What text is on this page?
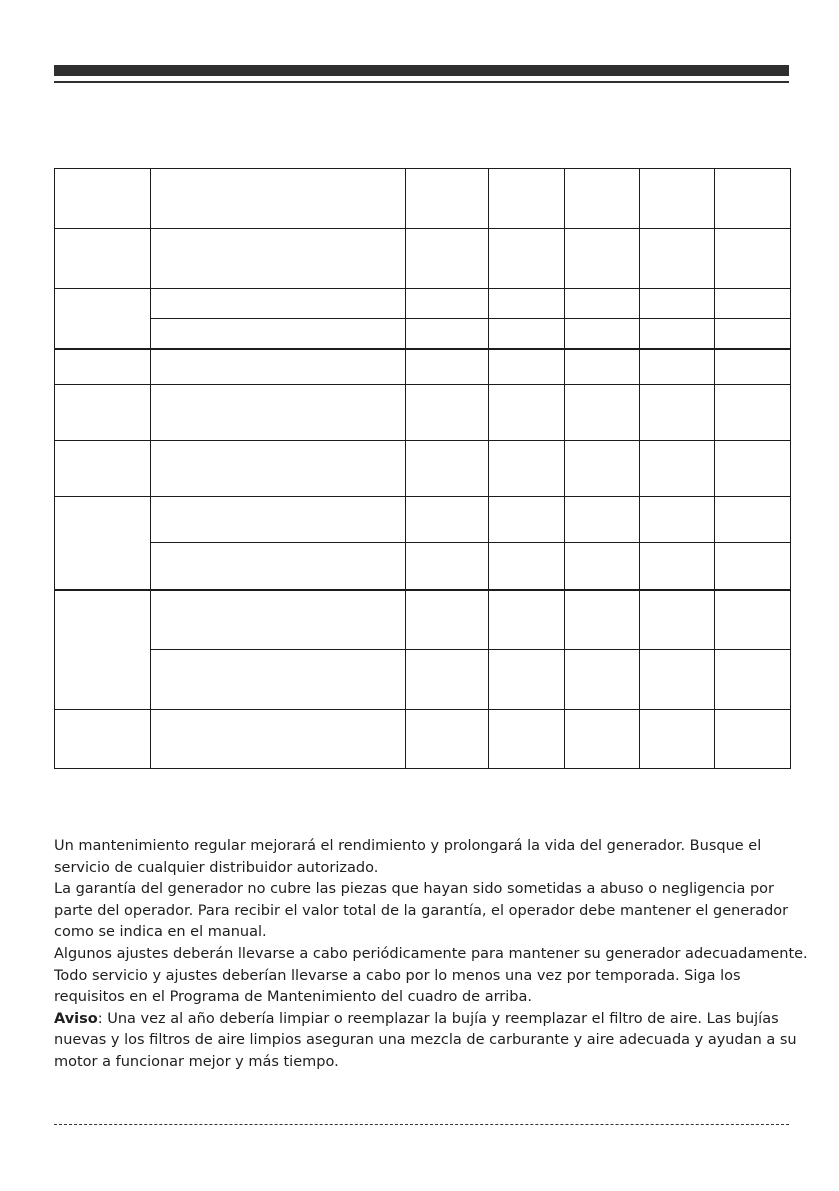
Un mantenimiento regular mejorará el rendimiento y prolongará la vida del generador. Busque el servicio de cualquier distribuidor autorizado.

La garantía del generador no cubre las piezas que hayan sido sometidas a abuso o negligencia por parte del operador. Para recibir el valor total de la garantía, el operador debe mantener el generador como se indica en el manual.

Algunos ajustes deberán llevarse a cabo periódicamente para mantener su generador adecuadamente. Todo servicio y ajustes deberían llevarse a cabo por lo menos una vez por temporada. Siga los requisitos en el Programa de Mantenimiento del cuadro de arriba.

Aviso: Una vez al año debería limpiar o reemplazar la bujía y reemplazar el filtro de aire. Las bujías nuevas y los filtros de aire limpios aseguran una mezcla de carburante y aire adecuada y ayudan a su motor a funcionar mejor y más tiempo.
